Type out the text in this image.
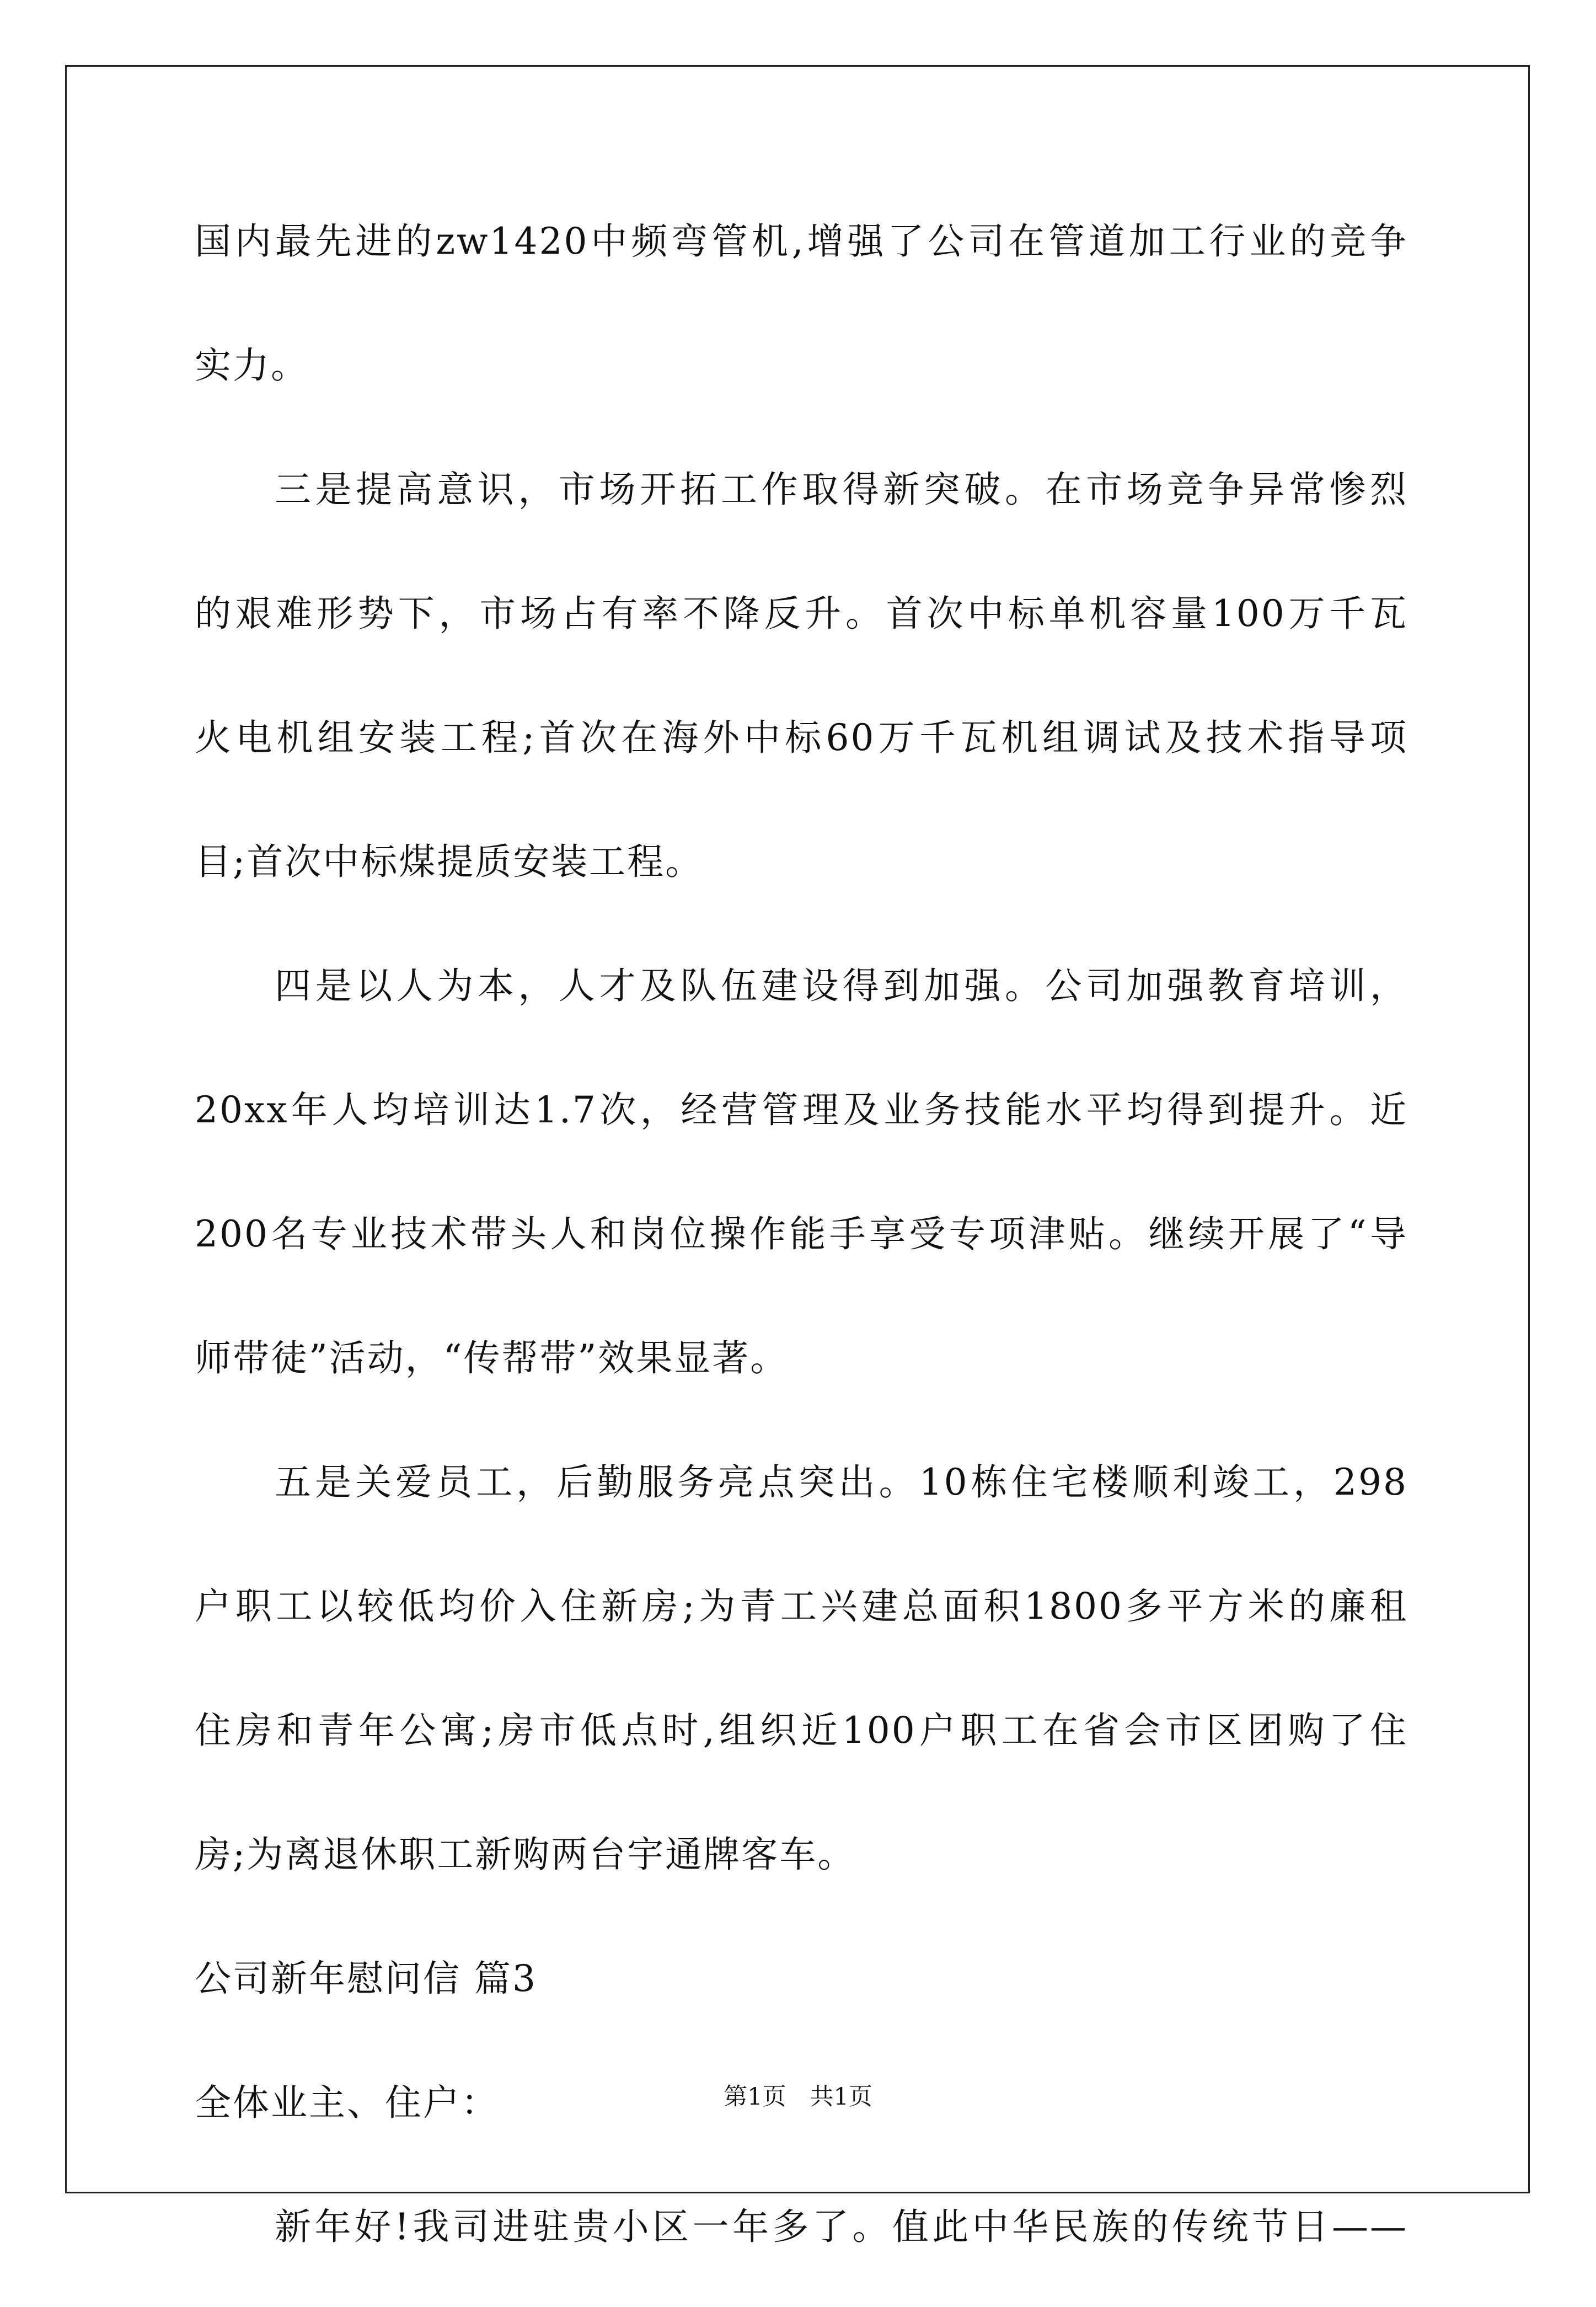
国内最先进的zw1420中频弯管机,增强了公司在管道加工行业的竞争
实力。
三是提高意识，市场开拓工作取得新突破。在市场竞争异常惨烈
的艰难形势下，市场占有率不降反升。首次中标单机容量100万千瓦
火电机组安装工程;首次在海外中标60万千瓦机组调试及技术指导项
目;首次中标煤提质安装工程。
四是以人为本，人才及队伍建设得到加强。公司加强教育培训，
20xx年人均培训达1.7次，经营管理及业务技能水平均得到提升。近
200名专业技术带头人和岗位操作能手享受专项津贴。继续开展了“导
师带徒”活动，“传帮带”效果显著。
五是关爱员工，后勤服务亮点突出。10栋住宅楼顺利竣工，298
户职工以较低均价入住新房;为青工兴建总面积1800多平方米的廉租
住房和青年公寓;房市低点时,组织近100户职工在省会市区团购了住
房;为离退休职工新购两台宇通牌客车。
公司新年慰问信 篇3
全体业主、住户：
新年好!我司进驻贵小区一年多了。值此中华民族的传统节日——
第1页　共1页
